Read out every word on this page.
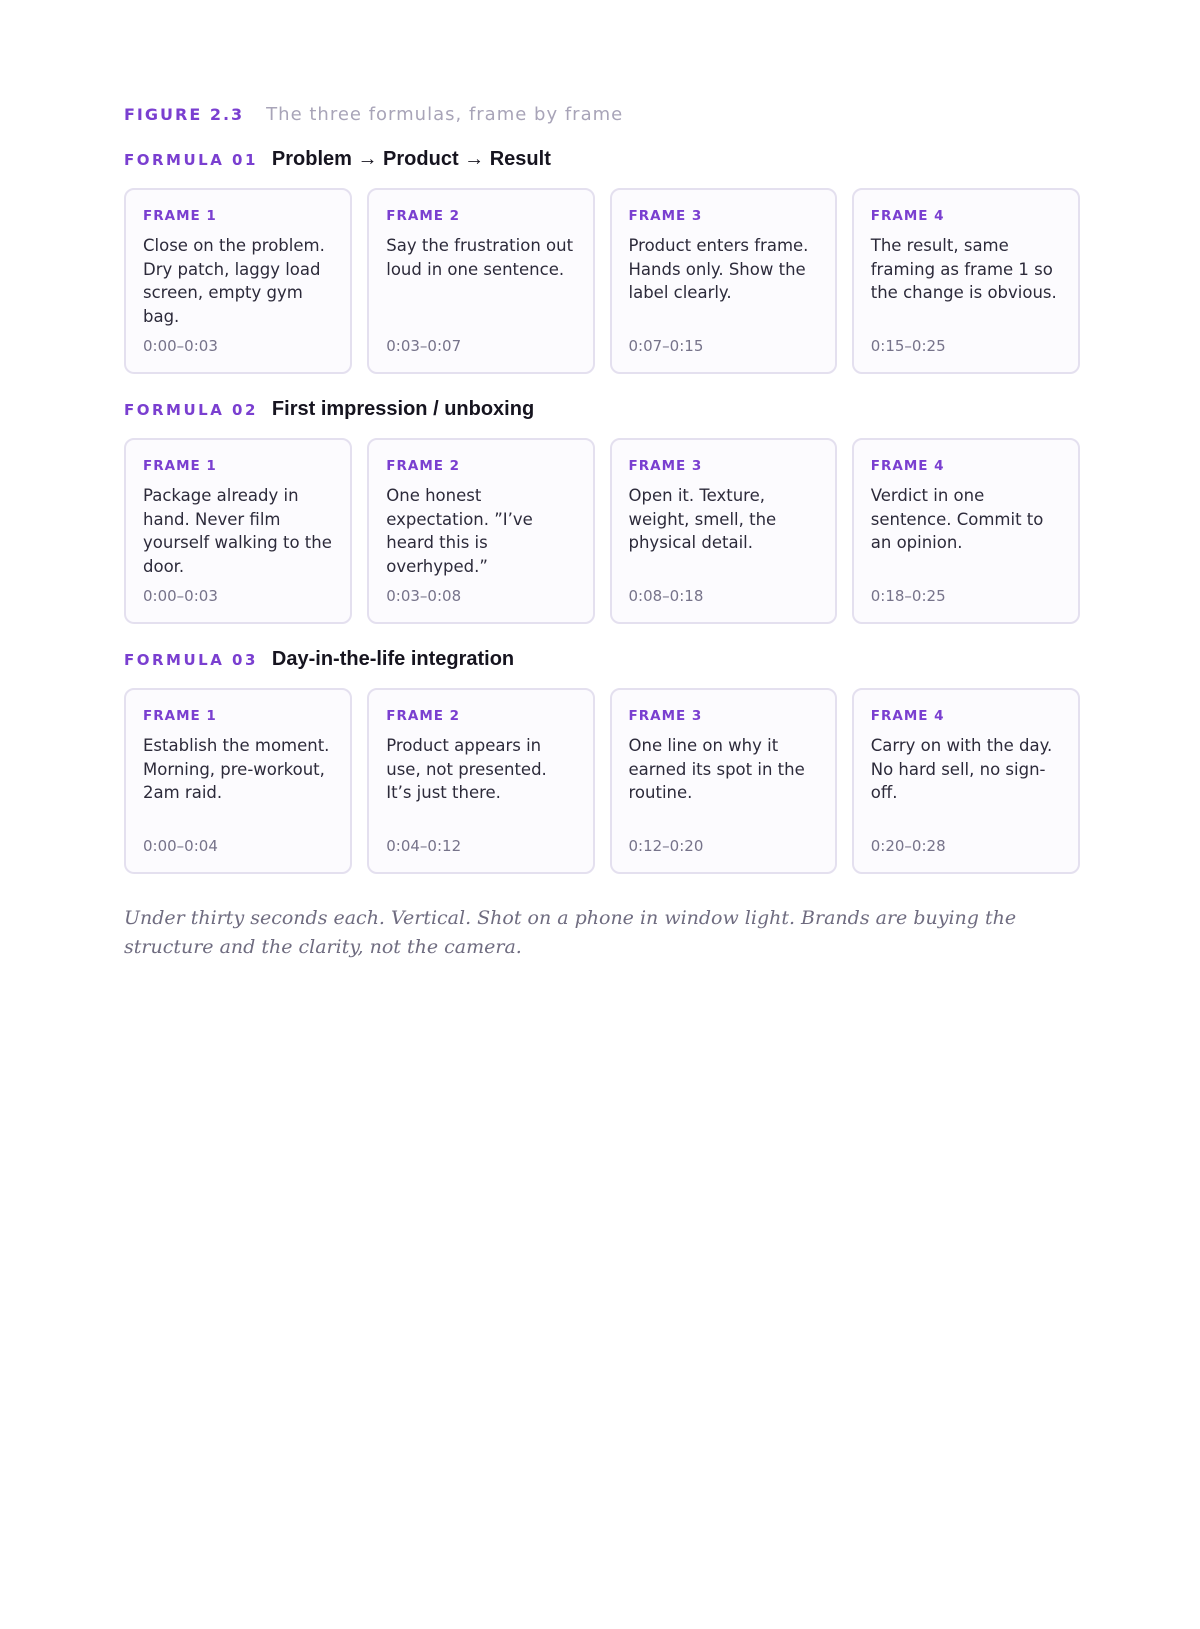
FIGURE 2.3 The three formulas, frame by frame
FORMULA 01 Problem → Product → Result
FRAME 1
Close on the problem. Dry patch, laggy load screen, empty gym bag.
0:00–0:03
FRAME 2
Say the frustration out loud in one sentence.
0:03–0:07
FRAME 3
Product enters frame. Hands only. Show the label clearly.
0:07–0:15
FRAME 4
The result, same framing as frame 1 so the change is obvious.
0:15–0:25
FORMULA 02 First impression / unboxing
FRAME 1
Package already in hand. Never film yourself walking to the door.
0:00–0:03
FRAME 2
One honest expectation. ”I’ve heard this is overhyped.”
0:03–0:08
FRAME 3
Open it. Texture, weight, smell, the physical detail.
0:08–0:18
FRAME 4
Verdict in one sentence. Commit to an opinion.
0:18–0:25
FORMULA 03 Day-in-the-life integration
FRAME 1
Establish the moment. Morning, pre-workout, 2am raid.
0:00–0:04
FRAME 2
Product appears in use, not presented. It’s just there.
0:04–0:12
FRAME 3
One line on why it earned its spot in the routine.
0:12–0:20
FRAME 4
Carry on with the day. No hard sell, no sign-off.
0:20–0:28

Under thirty seconds each. Vertical. Shot on a phone in window light. Brands are buying the structure and the clarity, not the camera.
